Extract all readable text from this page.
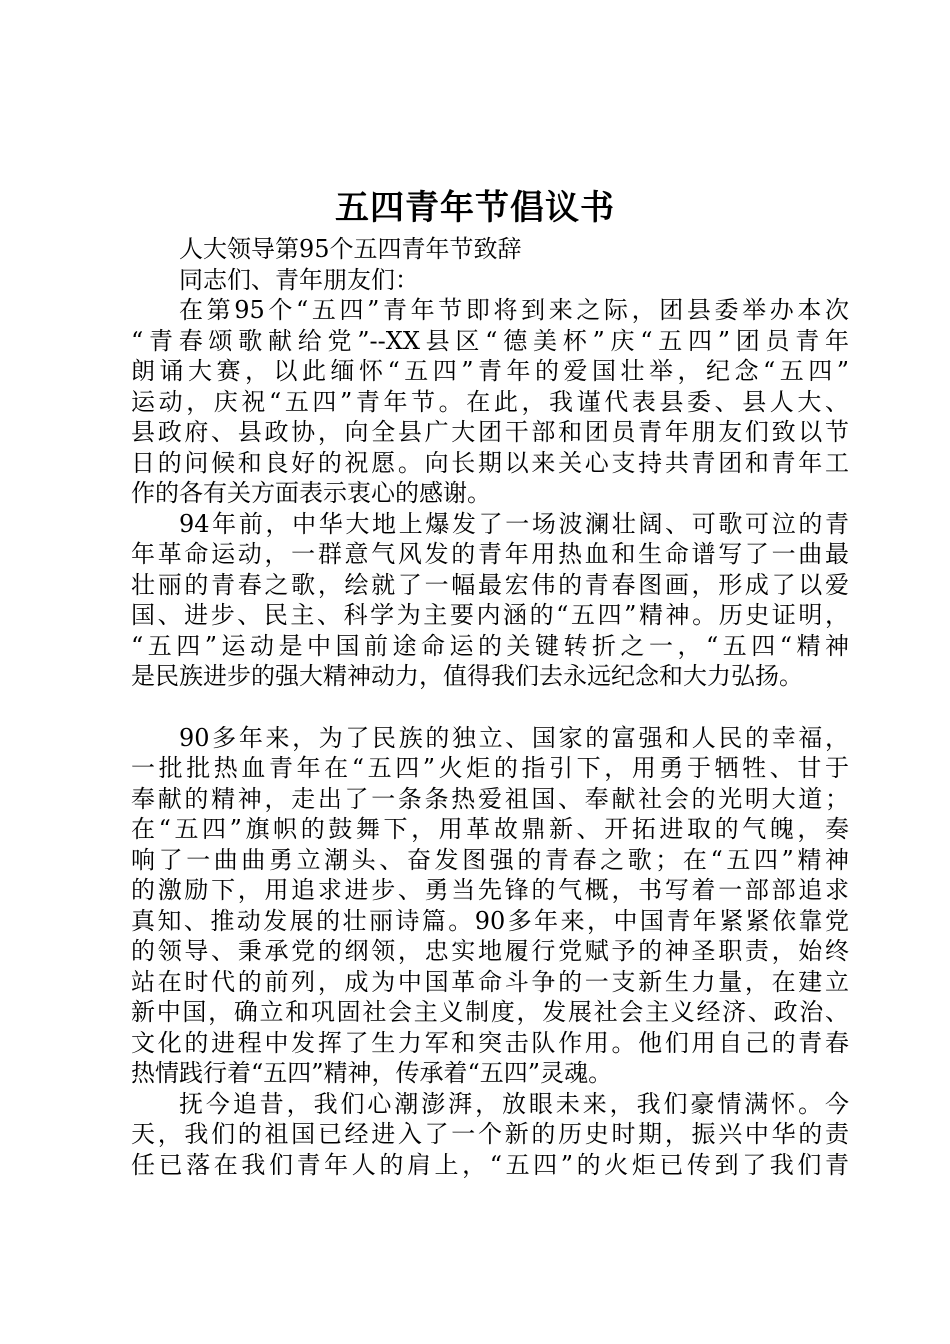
五四青年节倡议书
人大领导第95个五四青年节致辞
同志们、青年朋友们：
在第95个“五四”青年节即将到来之际，团县委举办本次
“青春颂歌献给党”--XX县区“德美杯”庆“五四”团员青年
朗诵大赛，以此缅怀“五四”青年的爱国壮举，纪念“五四”
运动，庆祝“五四”青年节。在此，我谨代表县委、县人大、
县政府、县政协，向全县广大团干部和团员青年朋友们致以节
日的问候和良好的祝愿。向长期以来关心支持共青团和青年工
作的各有关方面表示衷心的感谢。
94年前，中华大地上爆发了一场波澜壮阔、可歌可泣的青
年革命运动，一群意气风发的青年用热血和生命谱写了一曲最
壮丽的青春之歌，绘就了一幅最宏伟的青春图画，形成了以爱
国、进步、民主、科学为主要内涵的“五四”精神。历史证明，
“五四”运动是中国前途命运的关键转折之一，“五四“精神
是民族进步的强大精神动力，值得我们去永远纪念和大力弘扬。
90多年来，为了民族的独立、国家的富强和人民的幸福，
一批批热血青年在“五四”火炬的指引下，用勇于牺牲、甘于
奉献的精神，走出了一条条热爱祖国、奉献社会的光明大道；
在“五四”旗帜的鼓舞下，用革故鼎新、开拓进取的气魄，奏
响了一曲曲勇立潮头、奋发图强的青春之歌；在“五四”精神
的激励下，用追求进步、勇当先锋的气概，书写着一部部追求
真知、推动发展的壮丽诗篇。90多年来，中国青年紧紧依靠党
的领导、秉承党的纲领，忠实地履行党赋予的神圣职责，始终
站在时代的前列，成为中国革命斗争的一支新生力量，在建立
新中国，确立和巩固社会主义制度，发展社会主义经济、政治、
文化的进程中发挥了生力军和突击队作用。他们用自己的青春
热情践行着“五四”精神，传承着“五四”灵魂。
抚今追昔，我们心潮澎湃，放眼未来，我们豪情满怀。今
天，我们的祖国已经进入了一个新的历史时期，振兴中华的责
任已落在我们青年人的肩上，“五四”的火炬已传到了我们青
